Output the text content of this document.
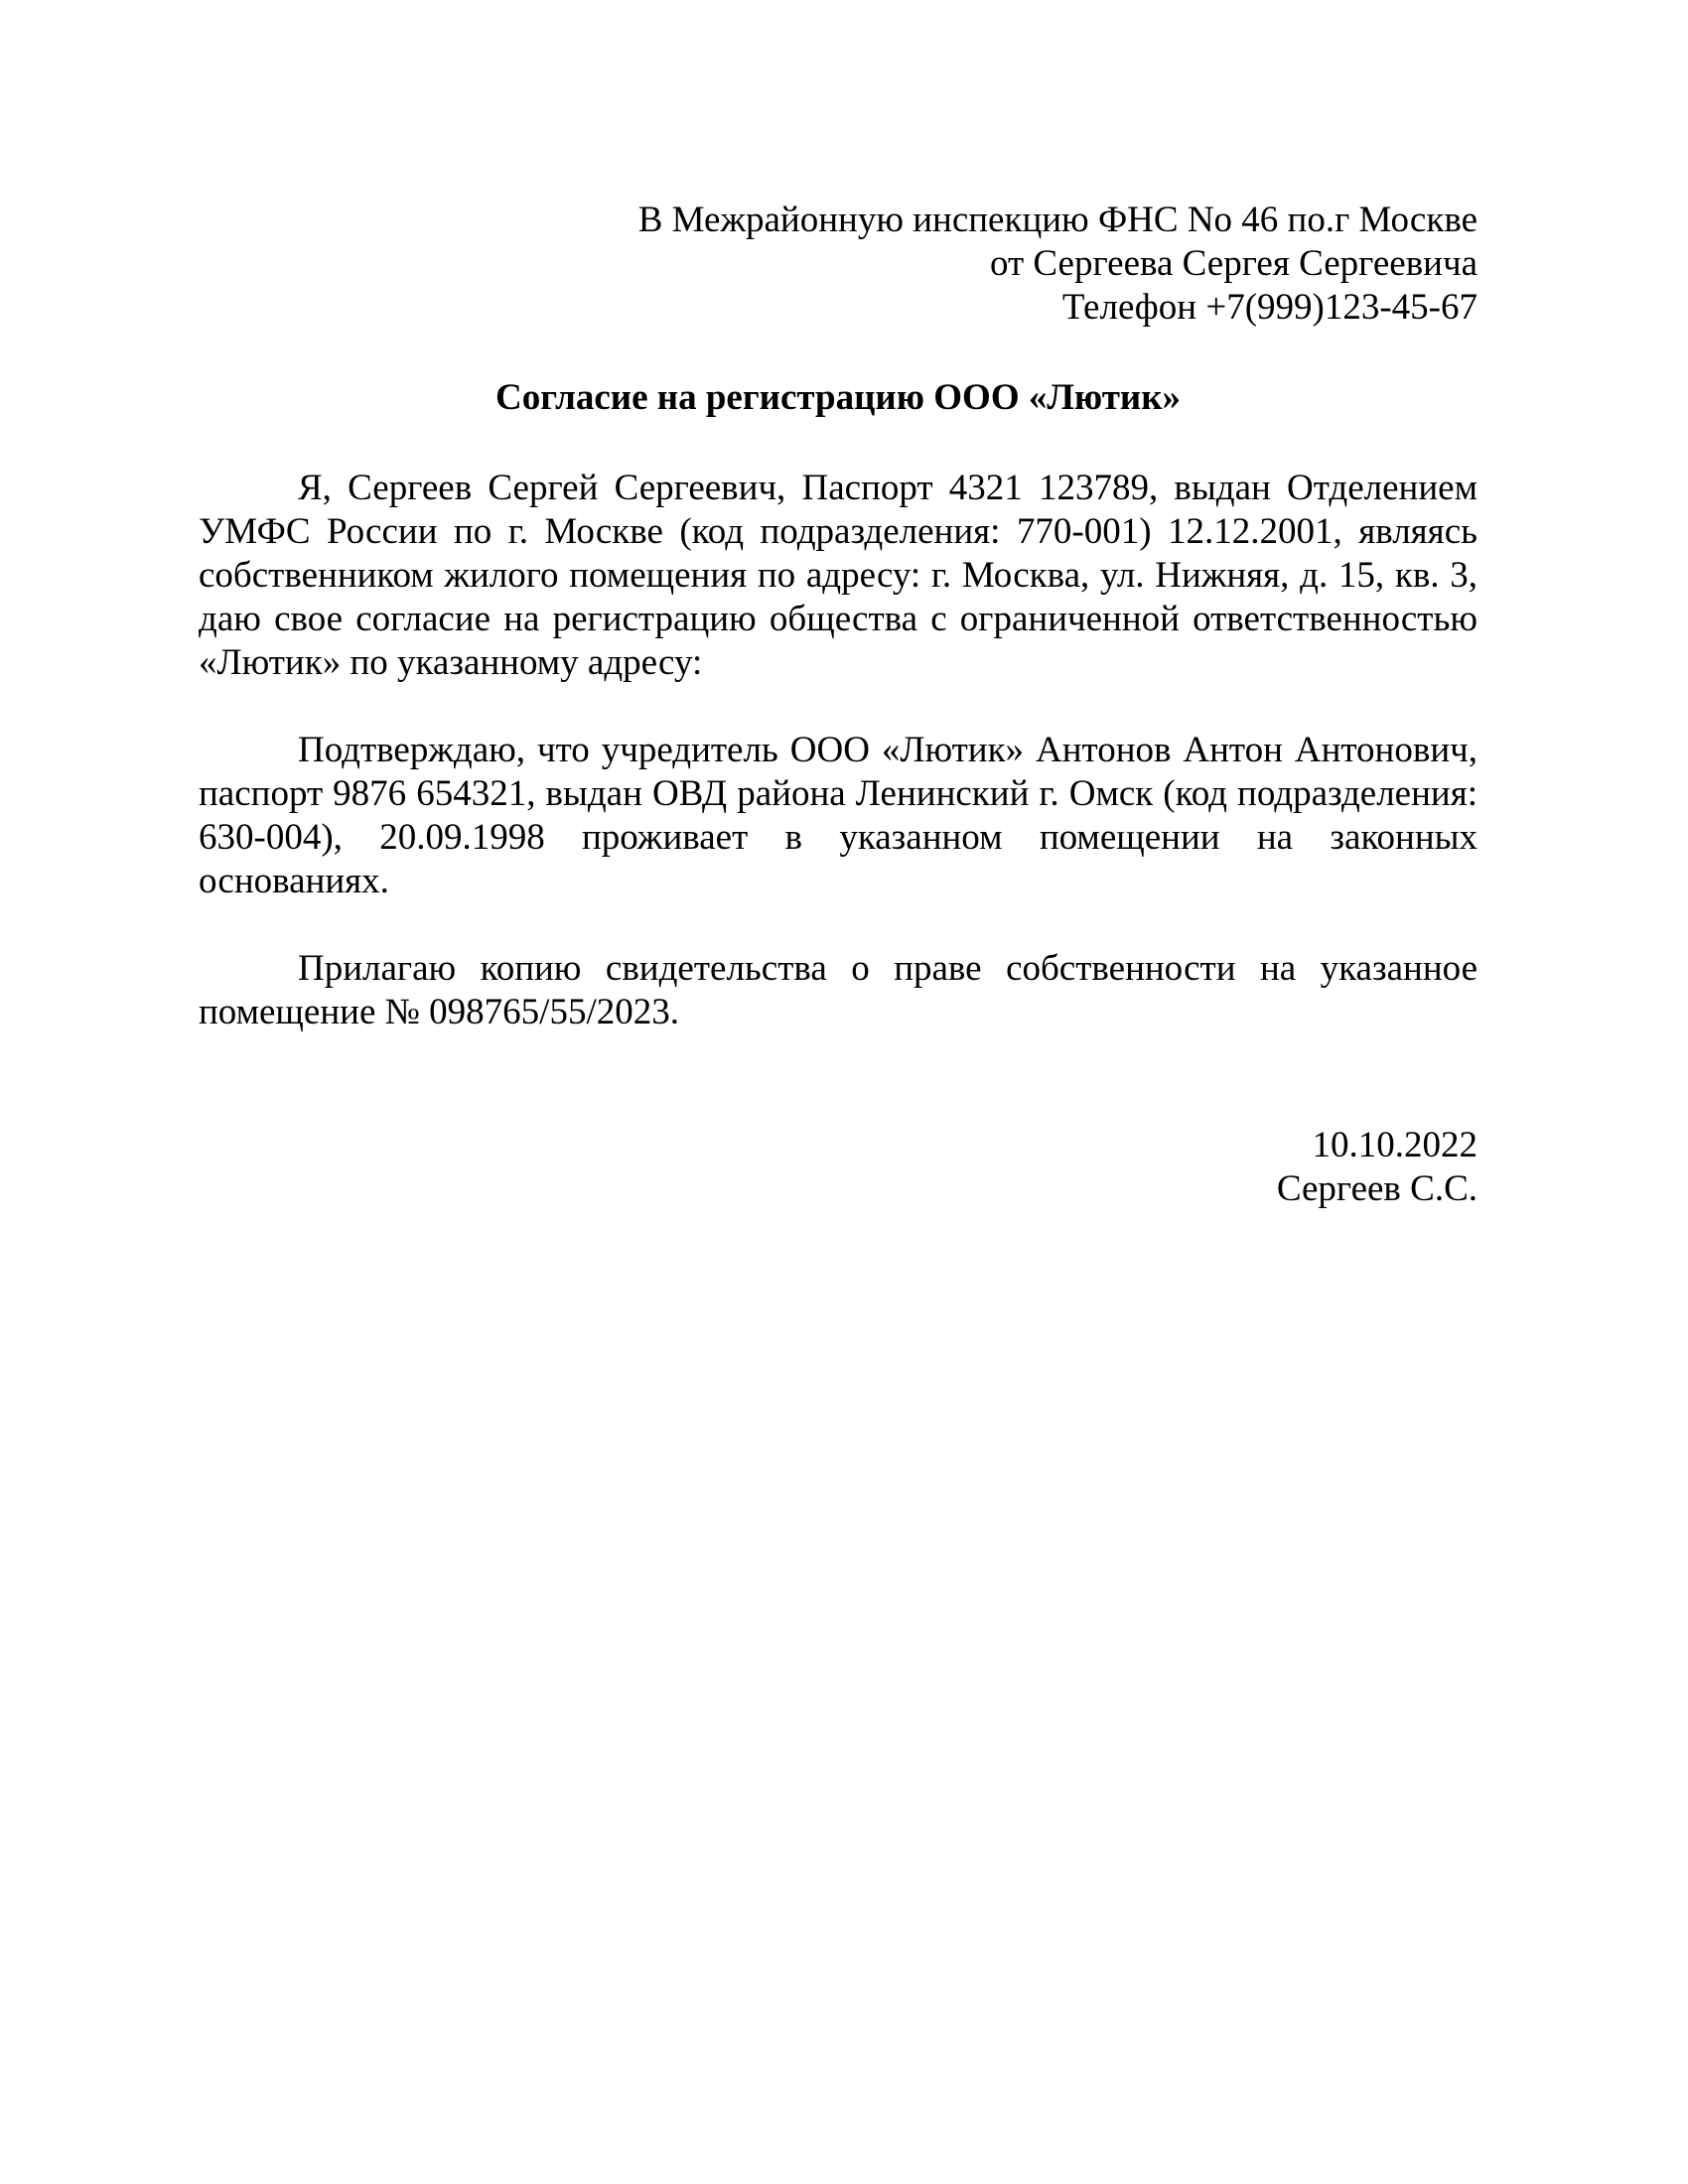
В Межрайонную инспекцию ФНС No 46 по.г Москве
от Сергеева Сергея Сергеевича
Телефон +7(999)123-45-67
Согласие на регистрацию ООО «Лютик»

Я, Сергеев Сергей Сергеевич, Паспорт 4321 123789, выдан Отделением УМФС России по г. Москве (код подразделения: 770-001) 12.12.2001, являясь собственником жилого помещения по адресу: г. Москва, ул. Нижняя, д. 15, кв. 3, даю свое согласие на регистрацию общества с ограниченной ответственностью «Лютик» по указанному адресу:

Подтверждаю, что учредитель ООО «Лютик» Антонов Антон Антонович, паспорт 9876 654321, выдан ОВД района Ленинский г. Омск (код подразделения: 630-004), 20.09.1998 проживает в указанном помещении на законных основаниях.

Прилагаю копию свидетельства о праве собственности на указанное помещение № 098765/55/2023.

10.10.2022
Сергеев С.С.
